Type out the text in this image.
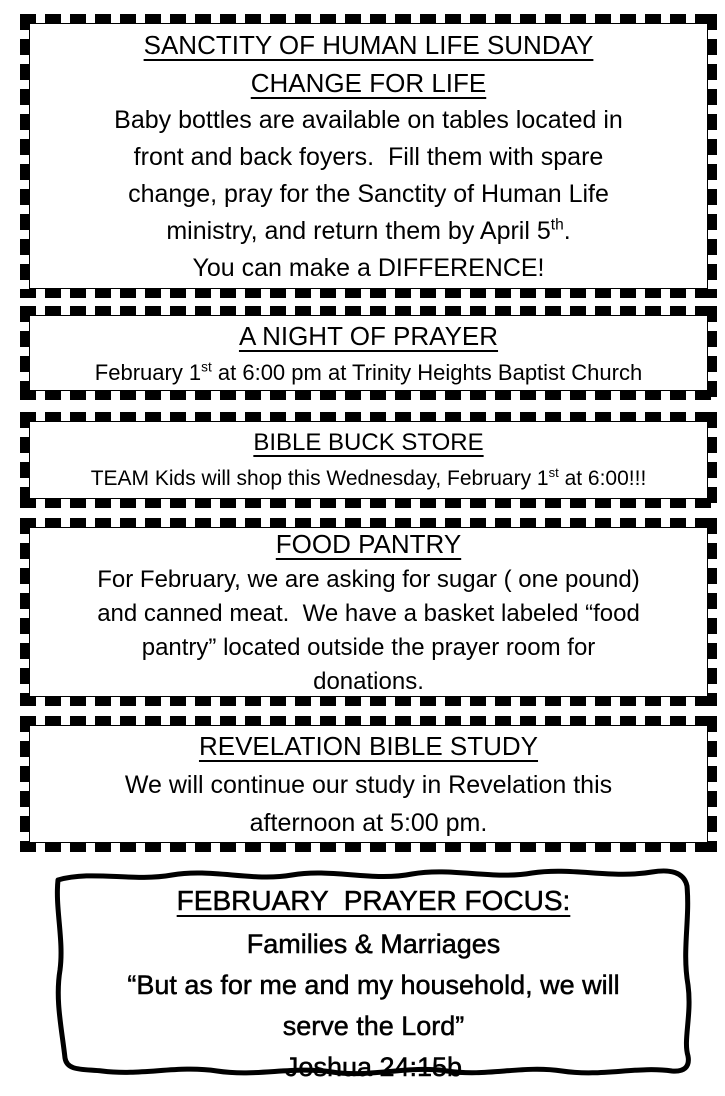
SANCTITY OF HUMAN LIFE SUNDAY
CHANGE FOR LIFE
Baby bottles are available on tables located in
front and back foyers.  Fill them with spare
change, pray for the Sanctity of Human Life
ministry, and return them by April 5th.
You can make a DIFFERENCE!
A NIGHT OF PRAYER
February 1st at 6:00 pm at Trinity Heights Baptist Church
BIBLE BUCK STORE
TEAM Kids will shop this Wednesday, February 1st at 6:00!!!
FOOD PANTRY
For February, we are asking for sugar ( one pound)
and canned meat.  We have a basket labeled “food
pantry” located outside the prayer room for
donations.
REVELATION BIBLE STUDY
We will continue our study in Revelation this
afternoon at 5:00 pm.
FEBRUARY  PRAYER FOCUS:
Families & Marriages
“But as for me and my household, we will
serve the Lord”
Joshua 24:15b
